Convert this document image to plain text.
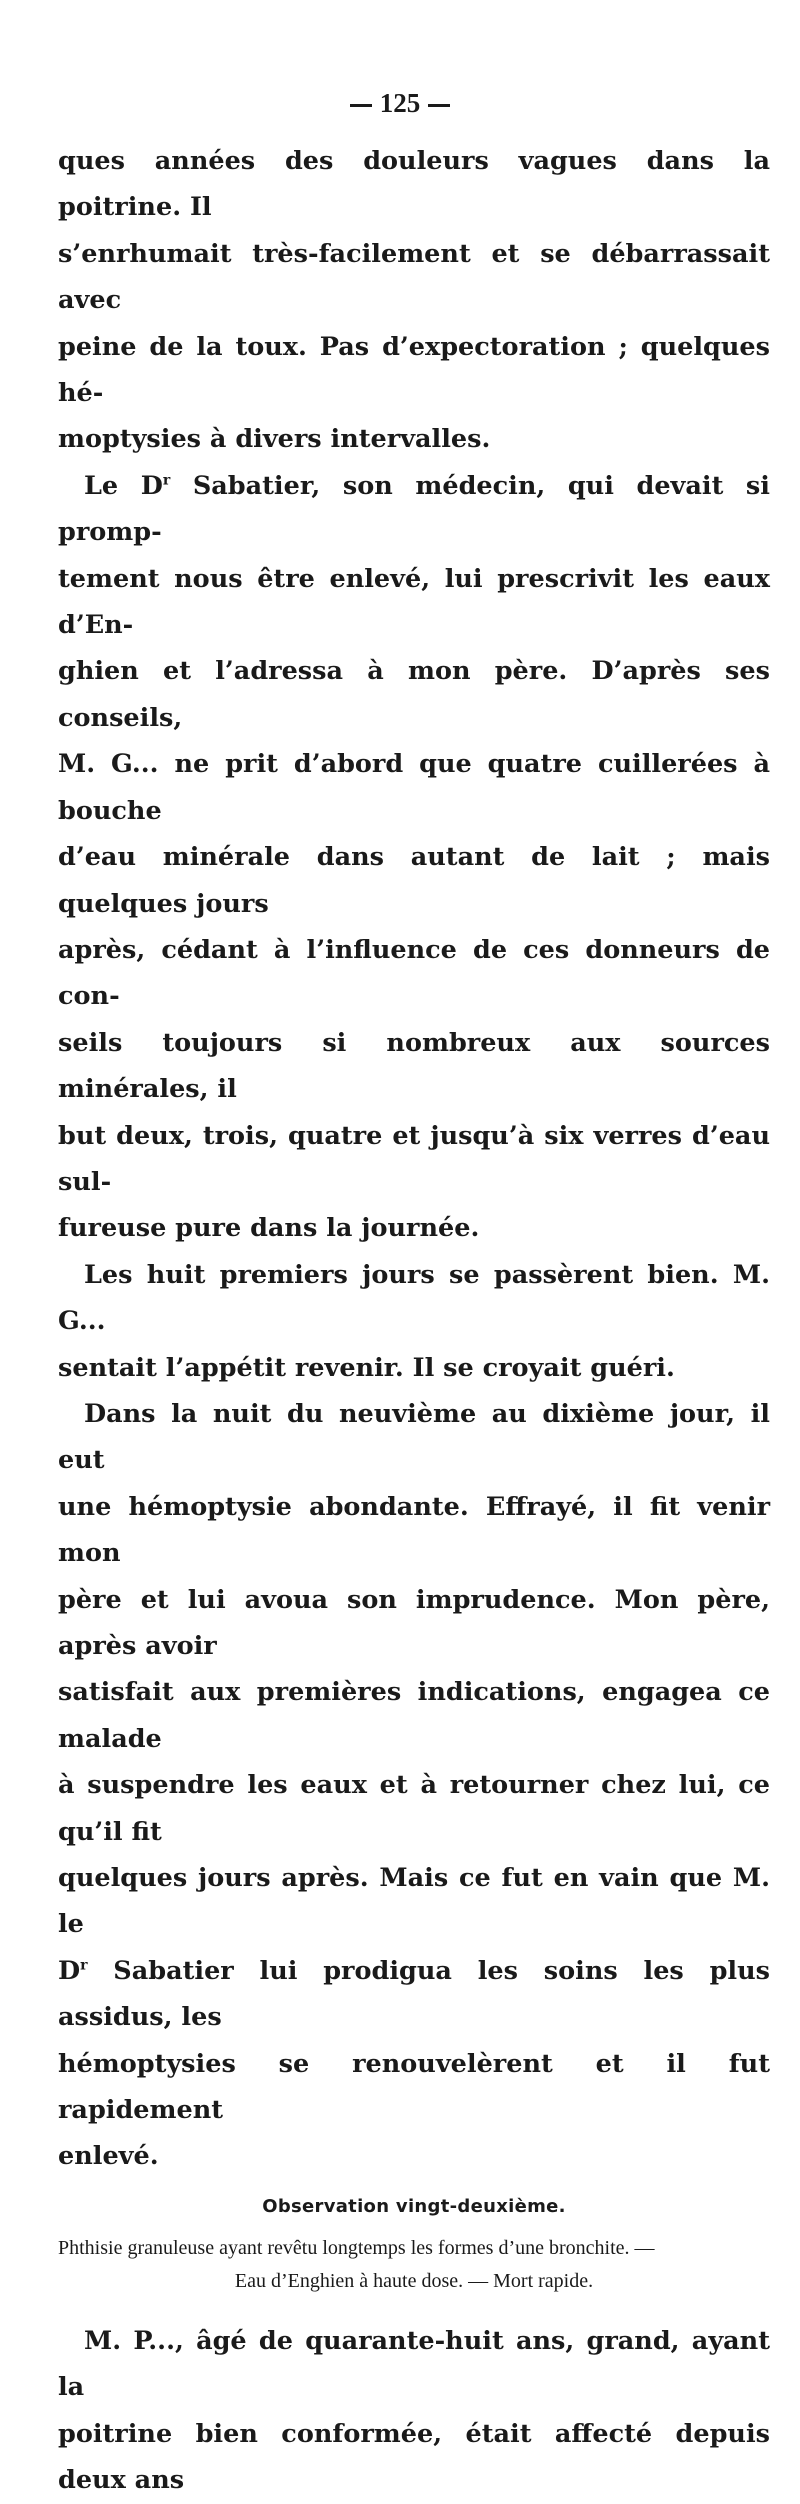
125

ques années des douleurs vagues dans la poitrine. Il
s’enrhumait très-facilement et se débarrassait avec
peine de la toux. Pas d’expectoration ; quelques hé-
moptysies à divers intervalles.

Le $D^r$ Sabatier, son médecin, qui devait si promp-
tement nous être enlevé, lui prescrivit les eaux d’En-
ghien et l’adressa à mon père. D’après ses conseils,
M. G... ne prit d’abord que quatre cuillerées à bouche
d’eau minérale dans autant de lait ; mais quelques jours
après, cédant à l’influence de ces donneurs de con-
seils toujours si nombreux aux sources minérales, il
but deux, trois, quatre et jusqu’à six verres d’eau sul-
fureuse pure dans la journée.

Les huit premiers jours se passèrent bien. M. G...
sentait l’appétit revenir. Il se croyait guéri.

Dans la nuit du neuvième au dixième jour, il eut
une hémoptysie abondante. Effrayé, il fit venir mon
père et lui avoua son imprudence. Mon père, après avoir
satisfait aux premières indications, engagea ce malade
à suspendre les eaux et à retourner chez lui, ce qu’il fit
quelques jours après. Mais ce fut en vain que M. le
$D^r$ Sabatier lui prodigua les soins les plus assidus, les
hémoptysies se renouvelèrent et il fut rapidement
enlevé.

Observation vingt-deuxième.
Phthisie granuleuse ayant revêtu longtemps les formes d’une bronchite. —
Eau d’Enghien à haute dose. — Mort rapide.

M. P..., âgé de quarante-huit ans, grand, ayant la
poitrine bien conformée, était affecté depuis deux ans
